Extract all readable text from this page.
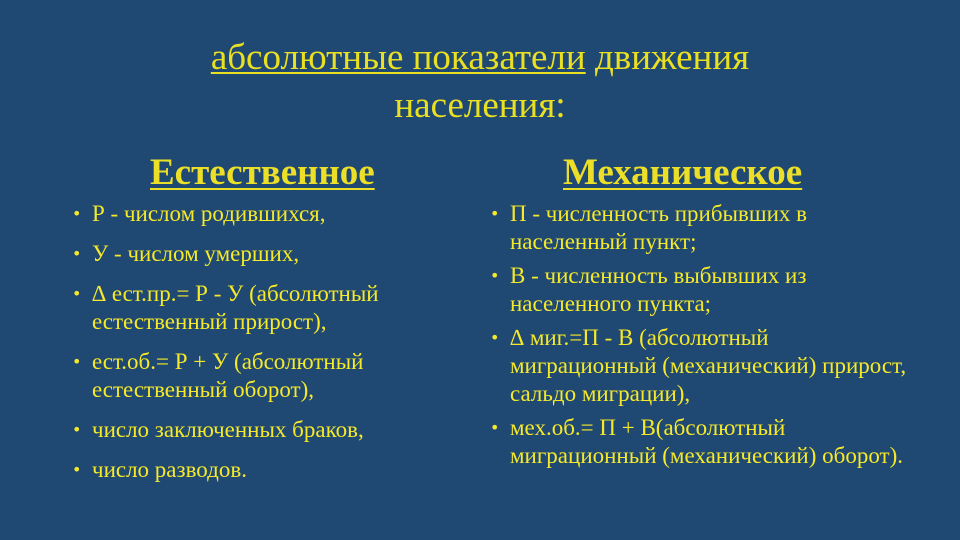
абсолютные показатели движения
населения:
Естественное	Механическое
• Р - числом родившихся,
• У - числом умерших,
• ∆ ест.пр.= Р - У (абсолютный естественный прирост),
• ест.об.= Р + У (абсолютный естественный оборот),
• число заключенных браков,
• число разводов.
• П - численность прибывших в населенный пункт;
• В - численность выбывших из населенного пункта;
• ∆ миг.=П - В (абсолютный миграционный (механический) прирост, сальдо миграции),
• мех.об.= П + В(абсолютный миграционный (механический) оборот).
